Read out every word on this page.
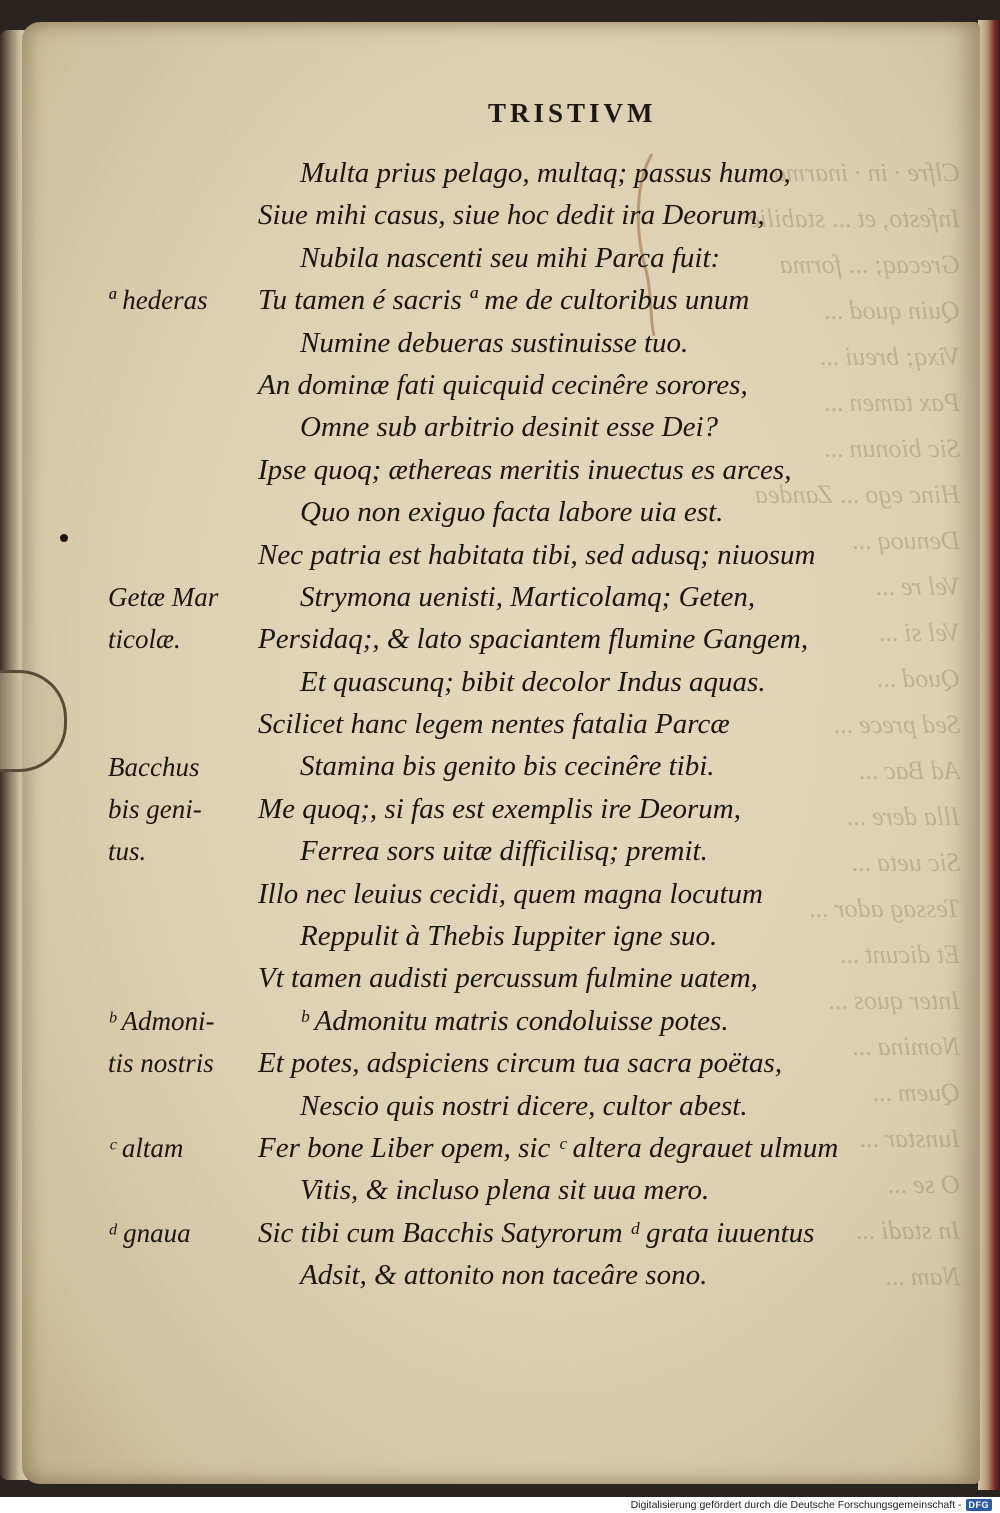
Clfre · in · inarma
Infesto, et ... stabilie
Grecaq; ... forma
Quin quod ...
Vixq; breui ...
Pax tamen ...
Sic bionun ...
Hinc ego ... Zandea
Denuoq ...
Vel re ...
Vel si ...
Quod ...
Sed prece ...
Ad Bac ...
Illa dere ...
Sic ueta ...
Tessag ador ...
Et dicunt ...
Inter quos ...
Nomina ...
Quem ...
Iunstar ...
O se ...
In stadi ...
Nam ...
TRISTIVM
Multa prius pelago, multaq; passus humo,
Siue mihi casus, siue hoc dedit ira Deorum,
Nubila nascenti seu mihi Parca fuit:
Tu tamen é sacris ª me de cultoribus unum
Numine debueras sustinuisse tuo.
An dominæ fati quicquid cecinêre sorores,
Omne sub arbitrio desinit esse Dei?
Ipse quoq; æthereas meritis inuectus es arces,
Quo non exiguo facta labore uia est.
Nec patria est habitata tibi, sed adusq; niuosum
Strymona uenisti, Marticolamq; Geten,
Persidaq;, & lato spaciantem flumine Gangem,
Et quascunq; bibit decolor Indus aquas.
Scilicet hanc legem nentes fatalia Parcæ
Stamina bis genito bis cecinêre tibi.
Me quoq;, si fas est exemplis ire Deorum,
Ferrea sors uitæ difficilisq; premit.
Illo nec leuius cecidi, quem magna locutum
Reppulit à Thebis Iuppiter igne suo.
Vt tamen audisti percussum fulmine uatem,
ᵇ Admonitu matris condoluisse potes.
Et potes, adspiciens circum tua sacra poëtas,
Nescio quis nostri dicere, cultor abest.
Fer bone Liber opem, sic ᶜ altera degrauet ulmum
Vitis, & incluso plena sit uua mero.
Sic tibi cum Bacchis Satyrorum ᵈ grata iuuentus
Adsit, & attonito non taceâre sono.
ª hederas
Getæ Mar
ticolæ.
Bacchus
bis geni-
tus.
ᵇ Admoni-
tis nostris
ᶜ altam
ᵈ gnaua
Digitalisierung gefördert durch die Deutsche Forschungsgemeinschaft - DFG
